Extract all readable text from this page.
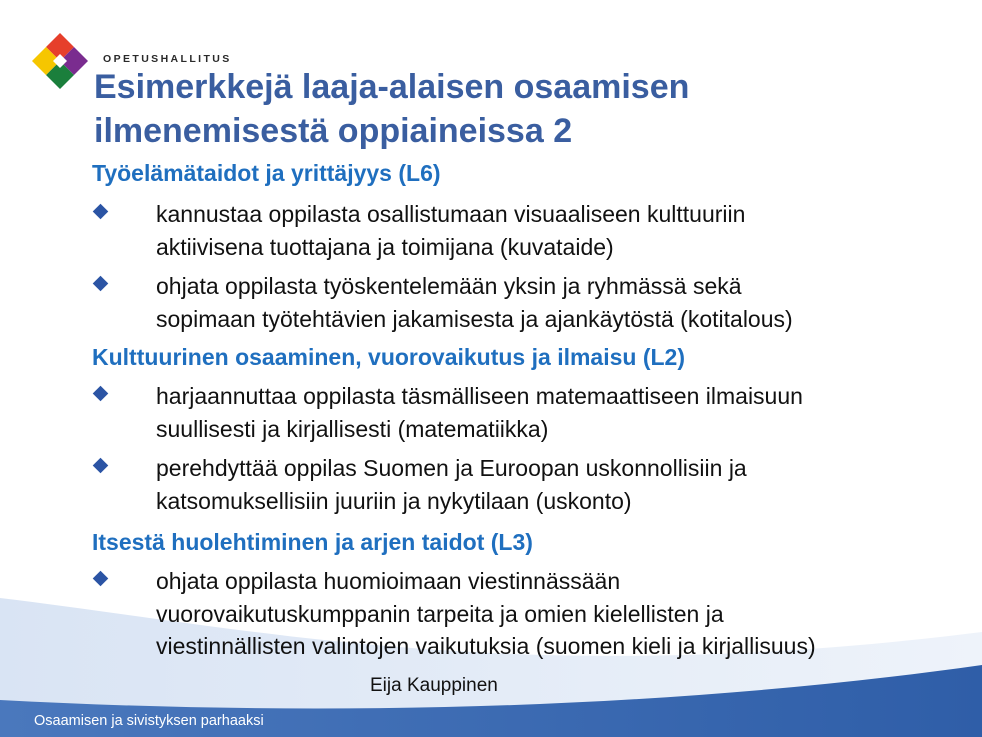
OPETUSHALLITUS
Esimerkkejä laaja-alaisen osaamisen
ilmenemisestä oppiaineissa 2
Työelämätaidot ja yrittäjyys (L6)
kannustaa oppilasta osallistumaan visuaaliseen kulttuuriin
aktiivisena tuottajana ja toimijana (kuvataide)
ohjata oppilasta työskentelemään yksin ja ryhmässä sekä
sopimaan työtehtävien jakamisesta ja ajankäytöstä (kotitalous)
Kulttuurinen osaaminen, vuorovaikutus ja ilmaisu (L2)
harjaannuttaa oppilasta täsmälliseen matemaattiseen ilmaisuun
suullisesti ja kirjallisesti (matematiikka)
perehdyttää oppilas Suomen ja Euroopan uskonnollisiin ja
katsomuksellisiin juuriin ja nykytilaan (uskonto)
Itsestä huolehtiminen ja arjen taidot (L3)
ohjata oppilasta huomioimaan viestinnässään
vuorovaikutuskumppanin tarpeita ja omien kielellisten ja
viestinnällisten valintojen vaikutuksia (suomen kieli ja kirjallisuus)
Eija Kauppinen
Osaamisen ja sivistyksen parhaaksi
